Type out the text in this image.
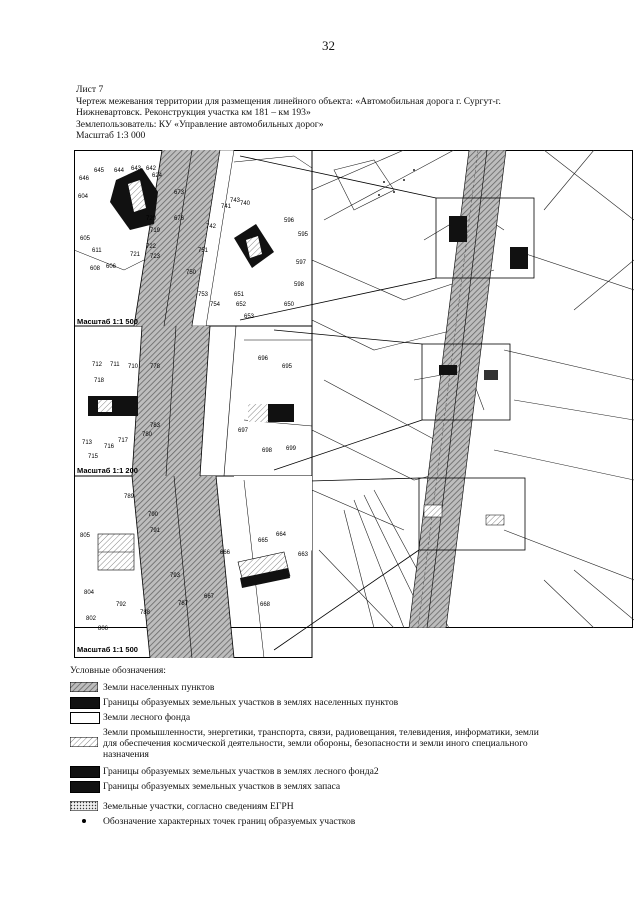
32
Лист 7
Чертеж межевания территории для размещения линейного объекта: «Автомобильная дорога г. Сургут-г.
Нижневартовск. Реконструкция участка км 181 – км 193»
Землепользователь: КУ «Управление автомобильных дорог»
Масштаб 1:3 000
645 644 643 642
624
646
604
605
611
606
608
721
720
719
722
723
673
676
740
741
743
742
751
750
753
754
651
652
653
650
598
597
596
595
Масштаб 1:1 500
712 711 710 778
718
713
715
716
717
780
783
696
695
697
698 699
Масштаб 1:1 200
789
790
791
805
804
802
806
792
788
793
787
664
665
663
666
667
668
Масштаб 1:1 500
Условные обозначения:
Земли населенных пунктов
Границы образуемых земельных участков в землях населенных пунктов
Земли лесного фонда
Земли промышленности, энергетики, транспорта, связи, радиовещания, телевидения, информатики, земли
для обеспечения космической деятельности, земли обороны, безопасности и земли иного специального
назначения
Границы образуемых земельных участков в землях лесного фонда2
Границы образуемых земельных участков в землях запаса
Земельные участки, согласно сведениям ЕГРН
Обозначение характерных точек границ образуемых участков
